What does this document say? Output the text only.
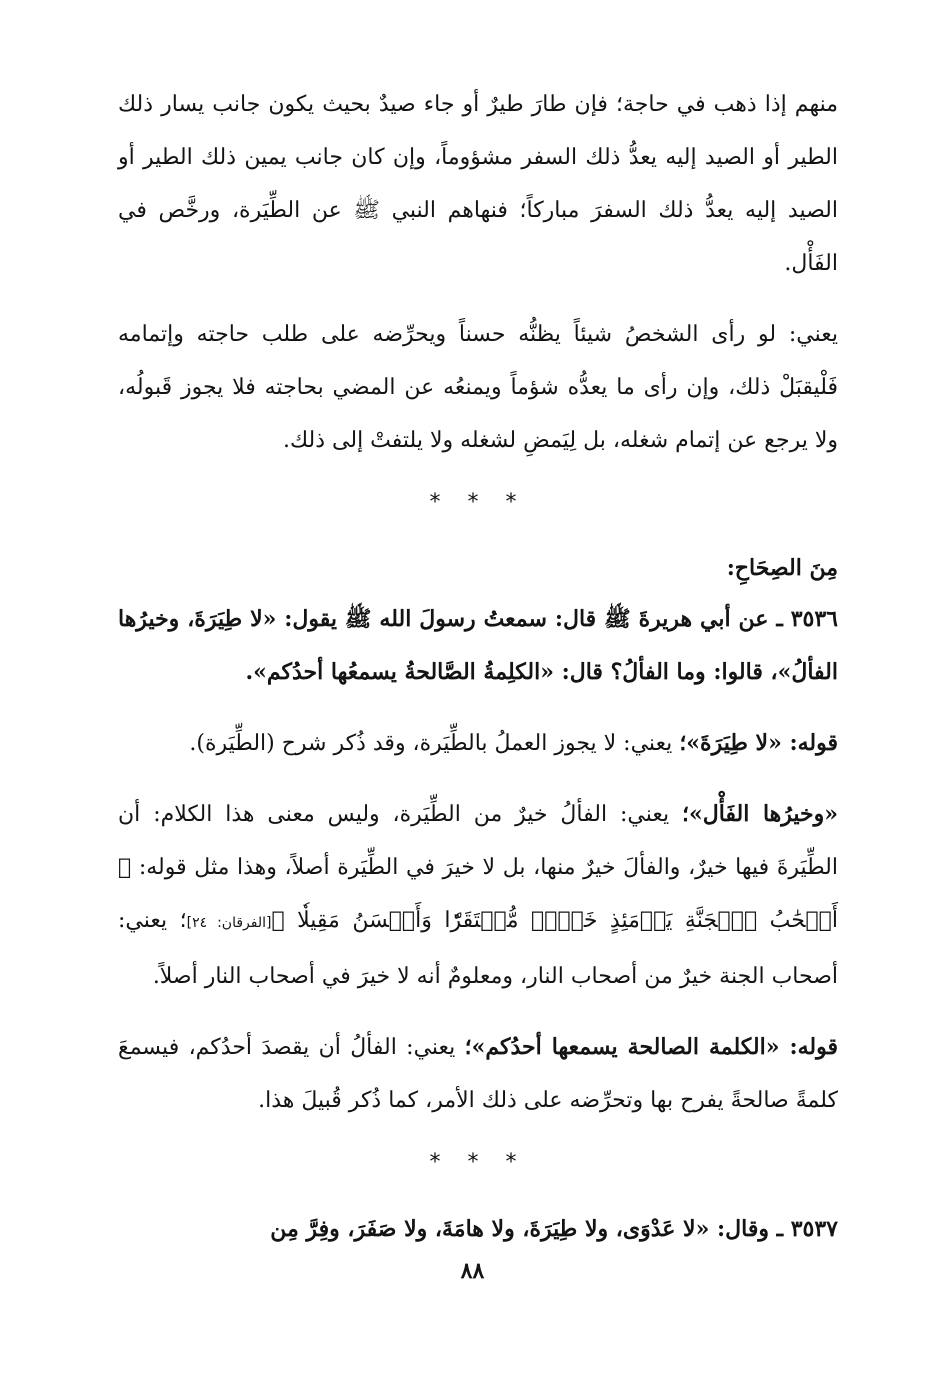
منهم إذا ذهب في حاجة؛ فإن طارَ طيرٌ أو جاء صيدٌ بحيث يكون جانب يسار ذلك الطير أو الصيد إليه يعدُّ ذلك السفر مشؤوماً، وإن كان جانب يمين ذلك الطير أو الصيد إليه يعدُّ ذلك السفرَ مباركاً؛ فنهاهم النبي ﷺ عن الطِّيَرة، ورخَّص في الفَأْل.

يعني: لو رأى الشخصُ شيئاً يظنُّه حسناً ويحرِّضه على طلب حاجته وإتمامه فَلْيقبَلْ ذلك، وإن رأى ما يعدُّه شؤماً ويمنعُه عن المضي بحاجته فلا يجوز قَبولُه، ولا يرجع عن إتمام شغله، بل لِيَمضِ لشغله ولا يلتفتْ إلى ذلك.

* * *
مِنَ الصِحَاحِ:

٣٥٣٦ ـ عن أبي هريرةَ ﷺ قال: سمعتُ رسولَ الله ﷺ يقول: «لا طِيَرَةَ، وخيرُها الفألُ»، قالوا: وما الفألُ؟ قال: «الكلِمةُ الصَّالحةُ يسمعُها أحدُكم».

قوله: «لا طِيَرَةَ»؛ يعني: لا يجوز العملُ بالطِّيَرة، وقد ذُكر شرح (الطِّيَرة).

«وخيرُها الفَأْل»؛ يعني: الفألُ خيرٌ من الطِّيَرة، وليس معنى هذا الكلام: أن الطِّيَرةَ فيها خيرٌ، والفألَ خيرٌ منها، بل لا خيرَ في الطِّيَرة أصلاً، وهذا مثل قوله: ﴿ أَصۡحَٰبُ ٱلۡجَنَّةِ يَوۡمَئِذٍ خَيۡرٞ مُّسۡتَقَرّٗا وَأَحۡسَنُ مَقِيلٗا ﴾[الفرقان: ٢٤]؛ يعني: أصحاب الجنة خيرٌ من أصحاب النار، ومعلومٌ أنه لا خيرَ في أصحاب النار أصلاً.

قوله: «الكلمة الصالحة يسمعها أحدُكم»؛ يعني: الفألُ أن يقصدَ أحدُكم، فيسمعَ كلمةً صالحةً يفرح بها وتحرِّضه على ذلك الأمر، كما ذُكر قُبيلَ هذا.

* * *

٣٥٣٧ ـ وقال: «لا عَدْوَى، ولا طِيَرَةَ، ولا هامَةَ، ولا صَفَرَ، وفِرَّ مِن

٨٨
